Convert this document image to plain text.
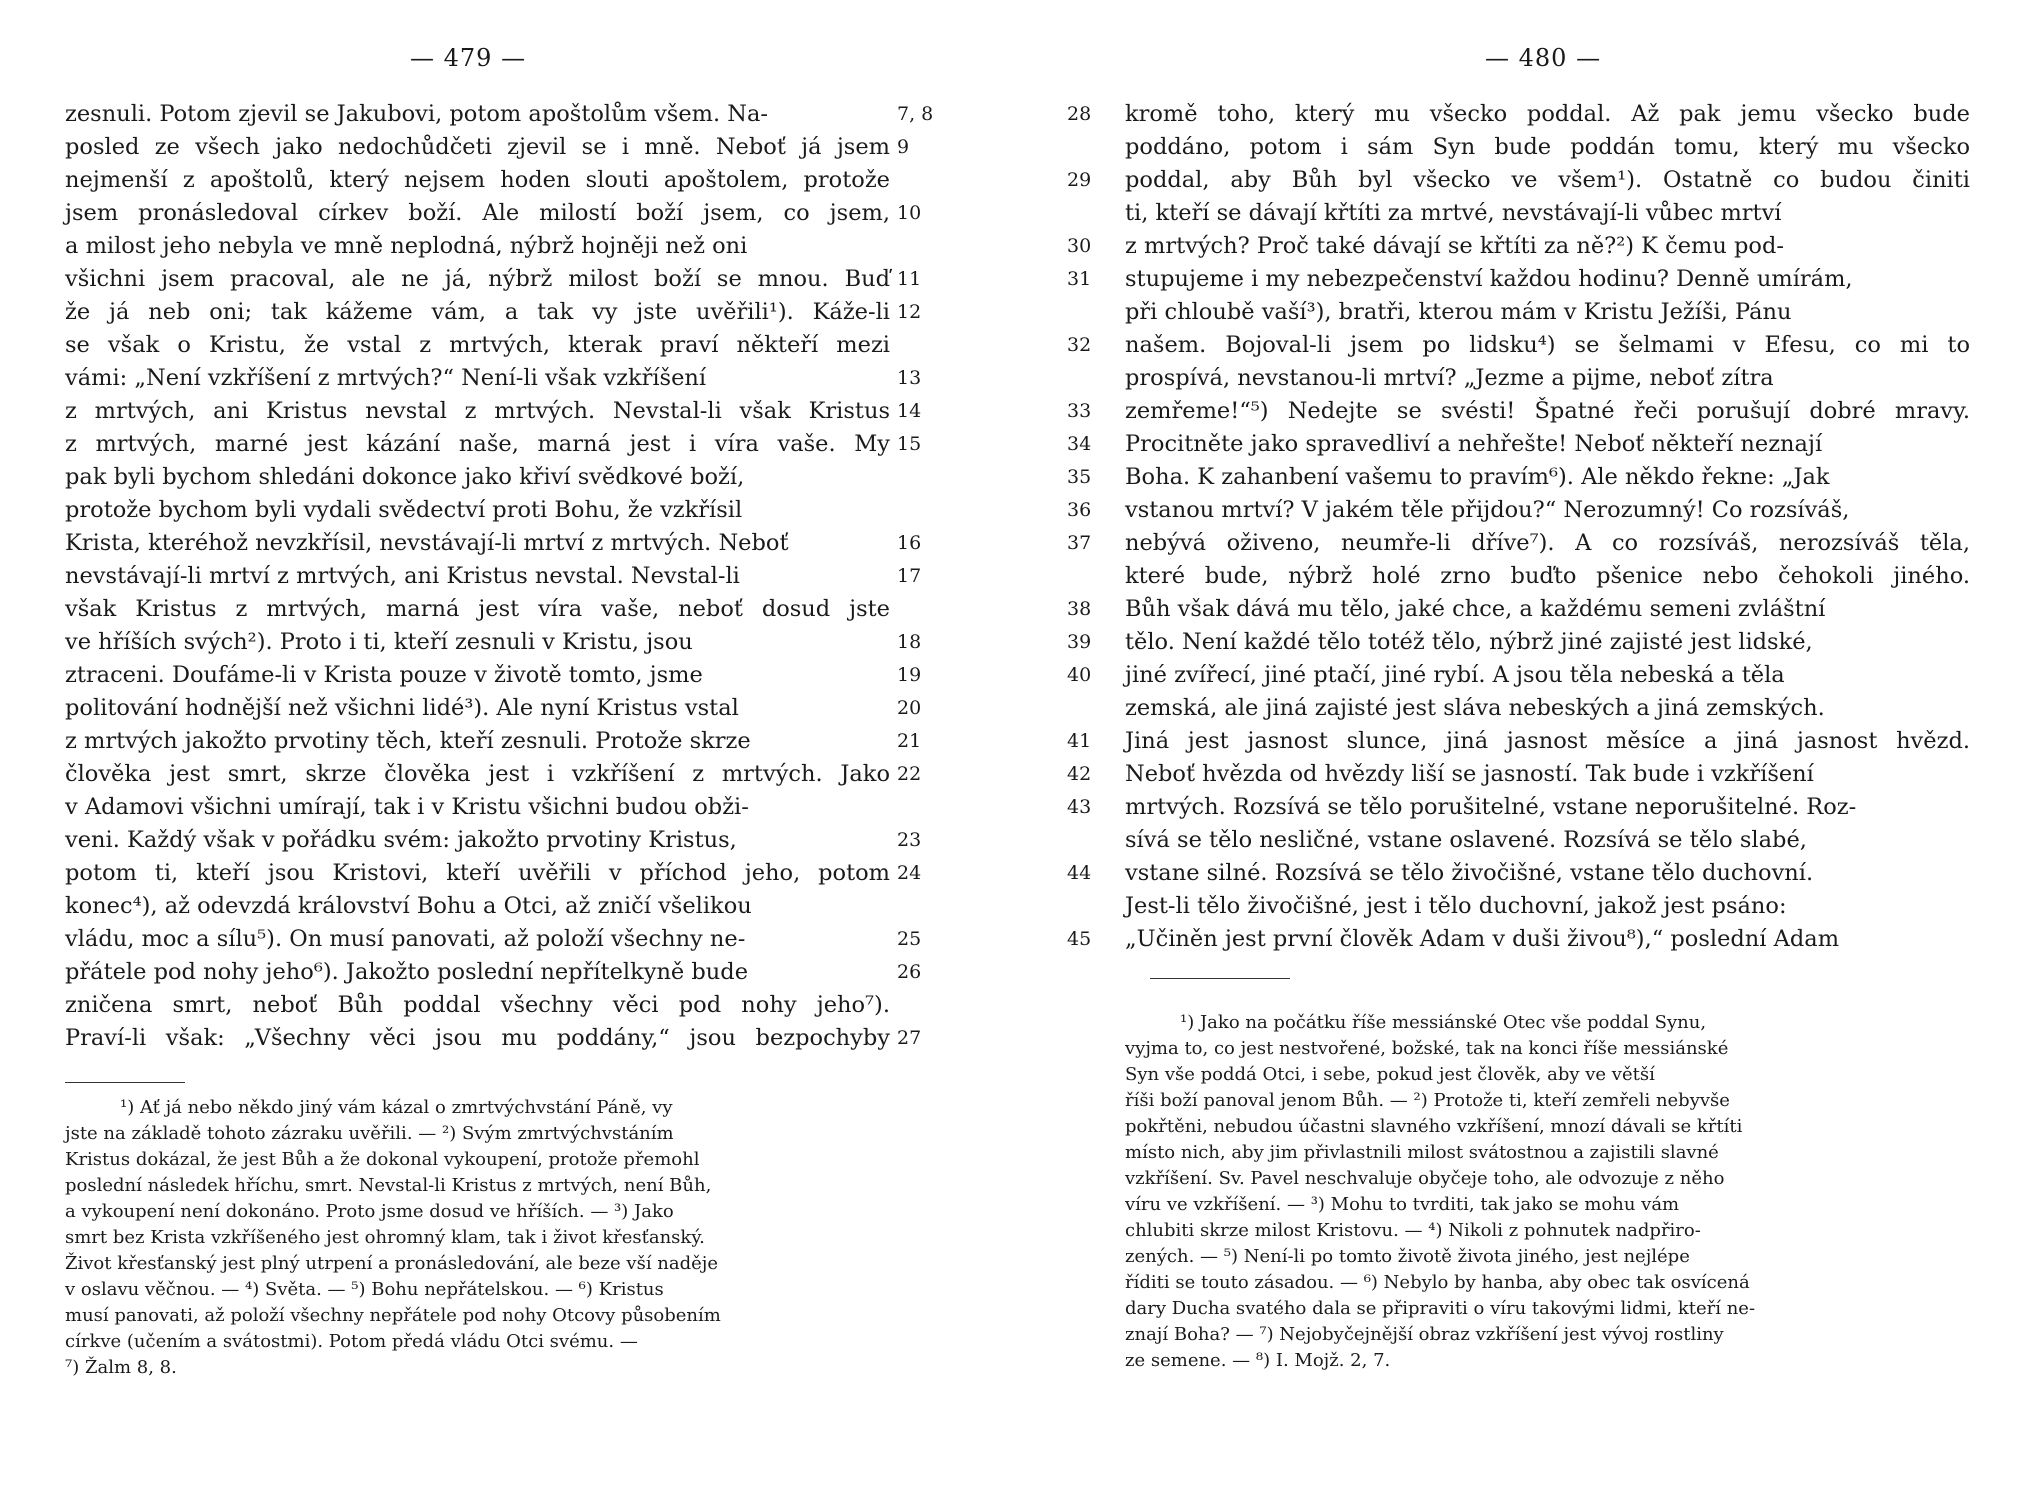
— 479 —
zesnuli. Potom zjevil se Jakubovi, potom apoštolům všem. Na-	7, 8
posled ze všech jako nedochůdčeti zjevil se i mně. Neboť já jsem 9
nejmenší z apoštolů, který nejsem hoden slouti apoštolem, protože
jsem pronásledoval církev boží. Ale milostí boží jsem, co jsem, 10
a milost jeho nebyla ve mně neplodná, nýbrž hojněji než oni
všichni jsem pracoval, ale ne já, nýbrž milost boží se mnou. Buď 11
že já neb oni; tak kážeme vám, a tak vy jste uvěřili¹). Káže-li 12
se však o Kristu, že vstal z mrtvých, kterak praví někteří mezi
vámi: „Není vzkříšení z mrtvých?“ Není-li však vzkříšení	13
z mrtvých, ani Kristus nevstal z mrtvých. Nevstal-li však Kristus 14
z mrtvých, marné jest kázání naše, marná jest i víra vaše. My 15
pak byli bychom shledáni dokonce jako křiví svědkové boží,
protože bychom byli vydali svědectví proti Bohu, že vzkřísil
Krista, kteréhož nevzkřísil, nevstávají-li mrtví z mrtvých. Neboť	16
nevstávají-li mrtví z mrtvých, ani Kristus nevstal. Nevstal-li	17
však Kristus z mrtvých, marná jest víra vaše, neboť dosud jste
ve hříších svých²). Proto i ti, kteří zesnuli v Kristu, jsou	18
ztraceni. Doufáme-li v Krista pouze v životě tomto, jsme	19
politování hodnější než všichni lidé³). Ale nyní Kristus vstal	20
z mrtvých jakožto prvotiny těch, kteří zesnuli. Protože skrze	21
člověka jest smrt, skrze člověka jest i vzkříšení z mrtvých. Jako 22
v Adamovi všichni umírají, tak i v Kristu všichni budou obži-
veni. Každý však v pořádku svém: jakožto prvotiny Kristus,	23
potom ti, kteří jsou Kristovi, kteří uvěřili v příchod jeho, potom 24
konec⁴), až odevzdá království Bohu a Otci, až zničí všelikou
vládu, moc a sílu⁵). On musí panovati, až položí všechny ne-	25
přátele pod nohy jeho⁶). Jakožto poslední nepřítelkyně bude	26
zničena smrt, neboť Bůh poddal všechny věci pod nohy jeho⁷).
Praví-li však: „Všechny věci jsou mu poddány,“ jsou bezpochyby 27
¹) Ať já nebo někdo jiný vám kázal o zmrtvýchvstání Páně, vy
jste na základě tohoto zázraku uvěřili. — ²) Svým zmrtvýchvstáním
Kristus dokázal, že jest Bůh a že dokonal vykoupení, protože přemohl
poslední následek hříchu, smrt. Nevstal-li Kristus z mrtvých, není Bůh,
a vykoupení není dokonáno. Proto jsme dosud ve hříších. — ³) Jako
smrt bez Krista vzkříšeného jest ohromný klam, tak i život křesťanský.
Život křesťanský jest plný utrpení a pronásledování, ale beze vší naděje
v oslavu věčnou. — ⁴) Světa. — ⁵) Bohu nepřátelskou. — ⁶) Kristus
musí panovati, až položí všechny nepřátele pod nohy Otcovy působením
církve (učením a svátostmi). Potom předá vládu Otci svému. —
⁷) Žalm 8, 8.
— 480 —
kromě toho, který mu všecko poddal. Až pak jemu všecko bude
28
poddáno, potom i sám Syn bude poddán tomu, který mu všecko
poddal, aby Bůh byl všecko ve všem¹). Ostatně co budou činiti
29
ti, kteří se dávají křtíti za mrtvé, nevstávají-li vůbec mrtví
z mrtvých? Proč také dávají se křtíti za ně?²) K čemu pod-
30
stupujeme i my nebezpečenství každou hodinu? Denně umírám,
31
při chloubě vaší³), bratři, kterou mám v Kristu Ježíši, Pánu
našem. Bojoval-li jsem po lidsku⁴) se šelmami v Efesu, co mi to
32
prospívá, nevstanou-li mrtví? „Jezme a pijme, neboť zítra
zemřeme!“⁵) Nedejte se svésti! Špatné řeči porušují dobré mravy.
33
Procitněte jako spravedliví a nehřešte! Neboť někteří neznají
34
Boha. K zahanbení vašemu to pravím⁶). Ale někdo řekne: „Jak
35
vstanou mrtví? V jakém těle přijdou?“ Nerozumný! Co rozsíváš,
36
nebývá oživeno, neumře-li dříve⁷). A co rozsíváš, nerozsíváš těla,
37
které bude, nýbrž holé zrno buďto pšenice nebo čehokoli jiného.
Bůh však dává mu tělo, jaké chce, a každému semeni zvláštní
38
tělo. Není každé tělo totéž tělo, nýbrž jiné zajisté jest lidské,
39
jiné zvířecí, jiné ptačí, jiné rybí. A jsou těla nebeská a těla
40
zemská, ale jiná zajisté jest sláva nebeských a jiná zemských.
Jiná jest jasnost slunce, jiná jasnost měsíce a jiná jasnost hvězd.
41
Neboť hvězda od hvězdy liší se jasností. Tak bude i vzkříšení
42
mrtvých. Rozsívá se tělo porušitelné, vstane neporušitelné. Roz-
43
sívá se tělo nesličné, vstane oslavené. Rozsívá se tělo slabé,
vstane silné. Rozsívá se tělo živočišné, vstane tělo duchovní.
44
Jest-li tělo živočišné, jest i tělo duchovní, jakož jest psáno:
„Učiněn jest první člověk Adam v duši živou⁸),“ poslední Adam
45
¹) Jako na počátku říše messiánské Otec vše poddal Synu,
vyjma to, co jest nestvořené, božské, tak na konci říše messiánské
Syn vše poddá Otci, i sebe, pokud jest člověk, aby ve větší
říši boží panoval jenom Bůh. — ²) Protože ti, kteří zemřeli nebyvše
pokřtěni, nebudou účastni slavného vzkříšení, mnozí dávali se křtíti
místo nich, aby jim přivlastnili milost svátostnou a zajistili slavné
vzkříšení. Sv. Pavel neschvaluje obyčeje toho, ale odvozuje z něho
víru ve vzkříšení. — ³) Mohu to tvrditi, tak jako se mohu vám
chlubiti skrze milost Kristovu. — ⁴) Nikoli z pohnutek nadpřiro-
zených. — ⁵) Není-li po tomto životě života jiného, jest nejlépe
říditi se touto zásadou. — ⁶) Nebylo by hanba, aby obec tak osvícená
dary Ducha svatého dala se připraviti o víru takovými lidmi, kteří ne-
znají Boha? — ⁷) Nejobyčejnější obraz vzkříšení jest vývoj rostliny
ze semene. — ⁸) I. Mojž. 2, 7.
